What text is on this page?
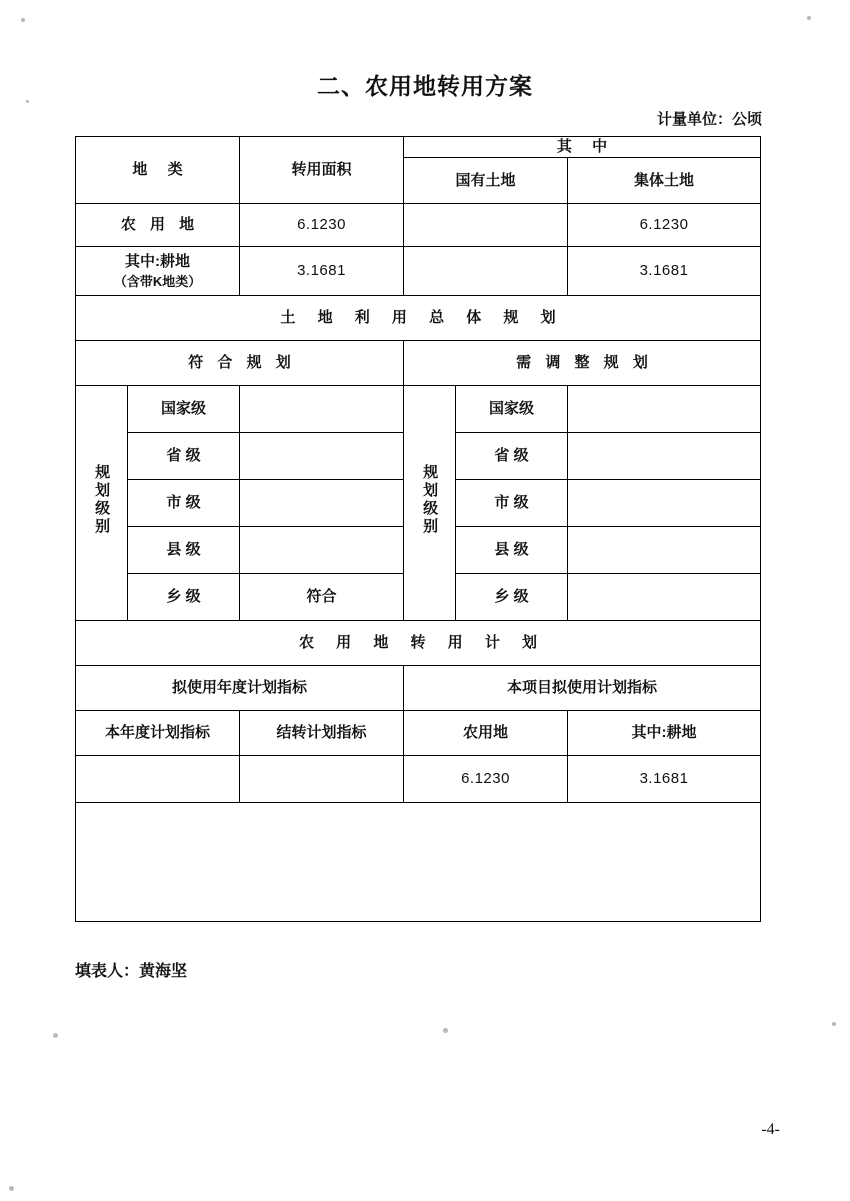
二、农用地转用方案
计量单位：公顷
地 类		转用面积	其 中		
			国有土地		集体土地
农 用 地		6.1230			6.1230

其中:耕地
（含带K地类）		3.1681			3.1681
土 地 利 用 总 体 规 划					
符 合 规 划			需 调 整 规 划		
规划级别	国家级		规划级别	国家级	
	省 级			省 级	
	市 级			市 级	
	县 级			县 级	
	乡 级	符合		乡 级	
农 用 地 转 用 计 划					
拟使用年度计划指标			本项目拟使用计划指标		
本年度计划指标		结转计划指标	农用地		其中:耕地
			6.1230		3.1681

填表人：黄海坚
-4-
